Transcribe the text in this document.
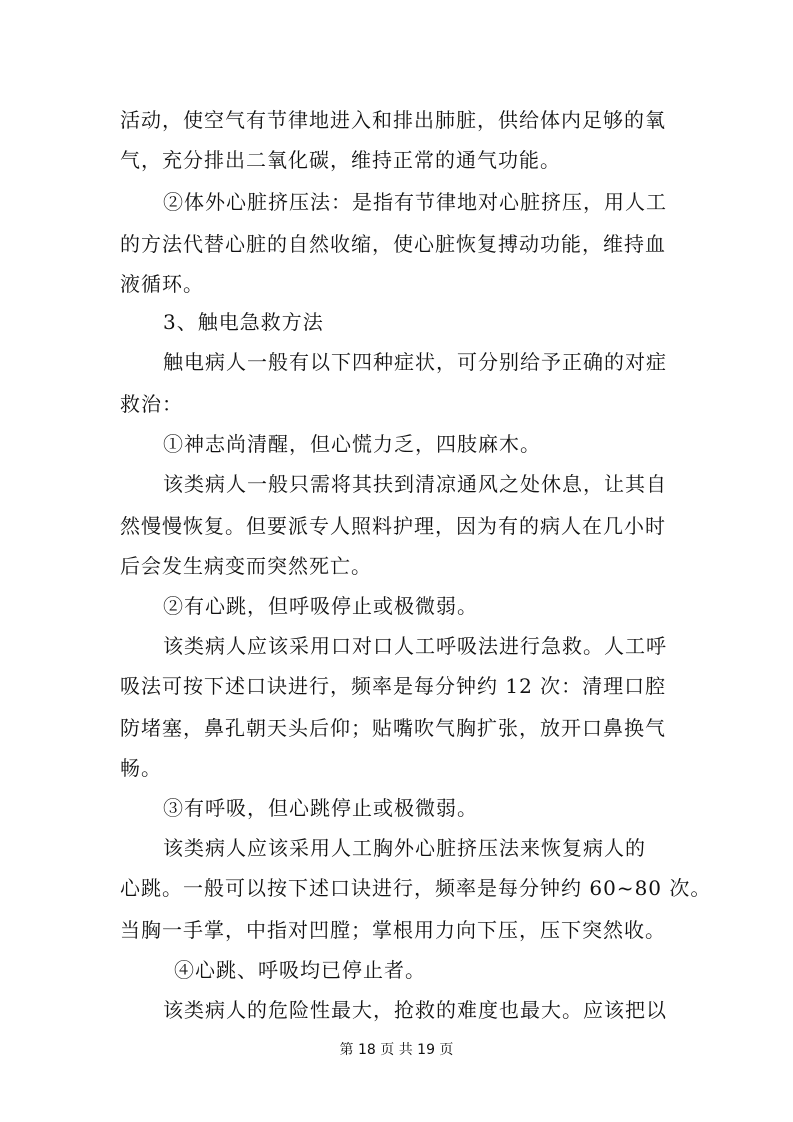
活动，使空气有节律地进入和排出肺脏，供给体内足够的氧
气，充分排出二氧化碳，维持正常的通气功能。
②体外心脏挤压法：是指有节律地对心脏挤压，用人工
的方法代替心脏的自然收缩，使心脏恢复搏动功能，维持血
液循环。
3、触电急救方法
触电病人一般有以下四种症状，可分别给予正确的对症
救治：
①神志尚清醒，但心慌力乏，四肢麻木。
该类病人一般只需将其扶到清凉通风之处休息，让其自
然慢慢恢复。但要派专人照料护理，因为有的病人在几小时
后会发生病变而突然死亡。
②有心跳，但呼吸停止或极微弱。
该类病人应该采用口对口人工呼吸法进行急救。人工呼
吸法可按下述口诀进行，频率是每分钟约 12 次：清理口腔
防堵塞，鼻孔朝天头后仰；贴嘴吹气胸扩张，放开口鼻换气
畅。
③有呼吸，但心跳停止或极微弱。
该类病人应该采用人工胸外心脏挤压法来恢复病人的
心跳。一般可以按下述口诀进行，频率是每分钟约 60~80 次。
当胸一手掌，中指对凹膛；掌根用力向下压，压下突然收。
④心跳、呼吸均已停止者。
该类病人的危险性最大，抢救的难度也最大。应该把以
第 18 页 共 19 页
